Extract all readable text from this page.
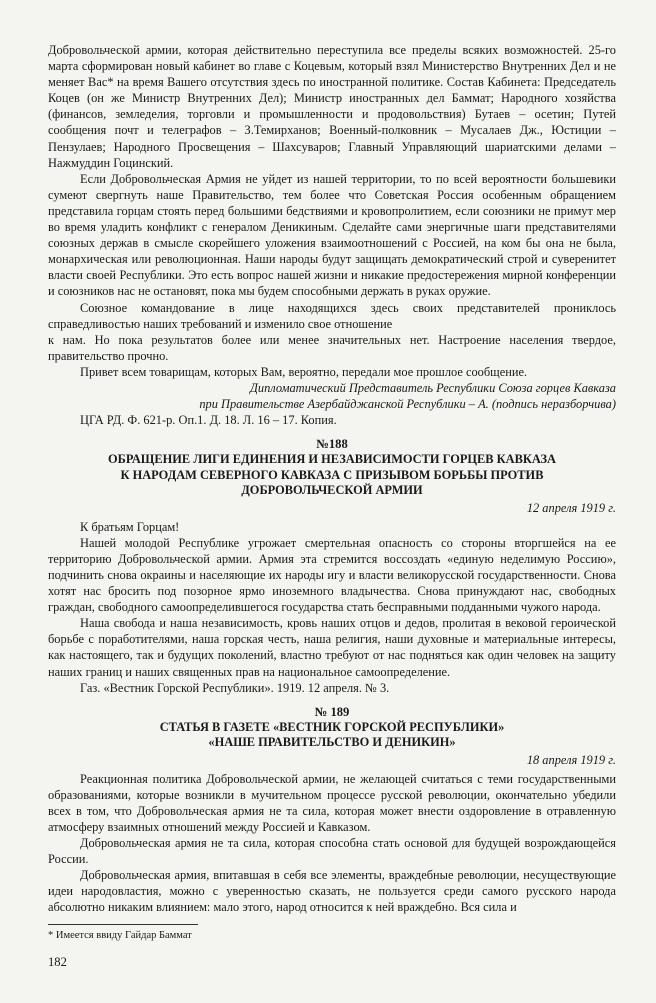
Добровольческой армии, которая действительно переступила все пределы всяких возможностей. 25-го марта сформирован новый кабинет во главе с Коцевым, который взял Министерство Внутренних Дел и не меняет Вас* на время Вашего отсутствия здесь по иностранной политике. Состав Кабинета: Председатель Коцев (он же Министр Внутренних Дел); Министр иностранных дел Баммат; Народного хозяйства (финансов, земледелия, торговли и промышленности и продовольствия) Бутаев – осетин; Путей сообщения почт и телеграфов – З.Темирханов; Военный-полковник – Мусалаев Дж., Юстиции – Пензулаев; Народного Просвещения – Шахсуваров; Главный Управляющий шариатскими делами – Нажмуддин Гоцинский.

Если Добровольческая Армия не уйдет из нашей территории, то по всей вероятности большевики сумеют свергнуть наше Правительство, тем более что Советская Россия особенным обращением представила горцам стоять перед большими бедствиями и кровопролитием, если союзники не примут мер во время уладить конфликт с генералом Деникиным. Сделайте сами энергичные шаги представителями союзных держав в смысле скорейшего уложения взаимоотношений с Россией, на ком бы она не была, монархическая или революционная. Наши народы будут защищать демократический строй и суверенитет власти своей Республики. Это есть вопрос нашей жизни и никакие предостережения мирной конференции и союзников нас не остановят, пока мы будем способными держать в руках оружие.

Союзное командование в лице находящихся здесь своих представителей прониклось справедливостью наших требований и изменило свое отношение

к нам. Но пока результатов более или менее значительных нет. Настроение населения твердое, правительство прочно.

Привет всем товарищам, которых Вам, вероятно, передали мое прошлое сообщение.

Дипломатический Представитель Республики Союза горцев Кавказа

при Правительстве Азербайджанской Республики – А. (подпись неразборчива)

ЦГА РД. Ф. 621-р. Оп.1. Д. 18. Л. 16 – 17. Копия.

№188
ОБРАЩЕНИЕ ЛИГИ ЕДИНЕНИЯ И НЕЗАВИСИМОСТИ ГОРЦЕВ КАВКАЗА
К НАРОДАМ СЕВЕРНОГО КАВКАЗА С ПРИЗЫВОМ БОРЬБЫ ПРОТИВ
ДОБРОВОЛЬЧЕСКОЙ АРМИИ
12 апреля 1919 г.

К братьям Горцам!

Нашей молодой Республике угрожает смертельная опасность со стороны вторгшейся на ее территорию Добровольческой армии. Армия эта стремится воссоздать «единую неделимую Россию», подчинить снова окраины и населяющие их народы игу и власти великорусской государственности. Снова хотят нас бросить под позорное ярмо иноземного владычества. Снова принуждают нас, свободных граждан, свободного самоопределившегося государства стать бесправными подданными чужого народа.

Наша свобода и наша независимость, кровь наших отцов и дедов, пролитая в вековой героической борьбе с поработителями, наша горская честь, наша религия, наши духовные и материальные интересы, как настоящего, так и будущих поколений, властно требуют от нас подняться как один человек на защиту наших границ и наших священных прав на национальное самоопределение.

Газ. «Вестник Горской Республики». 1919. 12 апреля. № 3.

№ 189
СТАТЬЯ В ГАЗЕТЕ «ВЕСТНИК ГОРСКОЙ РЕСПУБЛИКИ»
«НАШЕ ПРАВИТЕЛЬСТВО И ДЕНИКИН»
18 апреля 1919 г.

Реакционная политика Добровольческой армии, не желающей считаться с теми государственными образованиями, которые возникли в мучительном процессе русской революции, окончательно убедили всех в том, что Добровольческая армия не та сила, которая может внести оздоровление в отравленную атмосферу взаимных отношений между Россией и Кавказом.

Добровольческая армия не та сила, которая способна стать основой для будущей возрождающейся России.

Добровольческая армия, впитавшая в себя все элементы, враждебные революции, несуществующие идеи народовластия, можно с уверенностью сказать, не пользуется среди самого русского народа абсолютно никаким влиянием: мало этого, народ относится к ней враждебно. Вся сила и

* Имеется ввиду Гайдар Баммат
182
